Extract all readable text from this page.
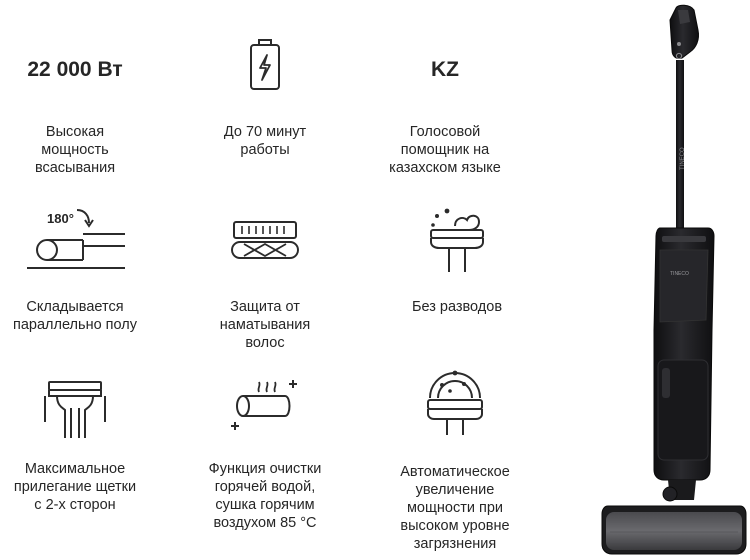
22 000 Вт
Высокая
мощность
всасывания
До 70 минут
работы
KZ
Голосовой
помощник на
казахском языке
180°
Складывается
параллельно полу
Защита от
наматывания
волос
Без разводов
Максимальное
прилегание щетки
с 2-х сторон
Функция очистки
горячей водой,
сушка горячим
воздухом 85 °C
Автоматическое
увеличение
мощности при
высоком уровне
загрязнения
TINECO
TINECO
